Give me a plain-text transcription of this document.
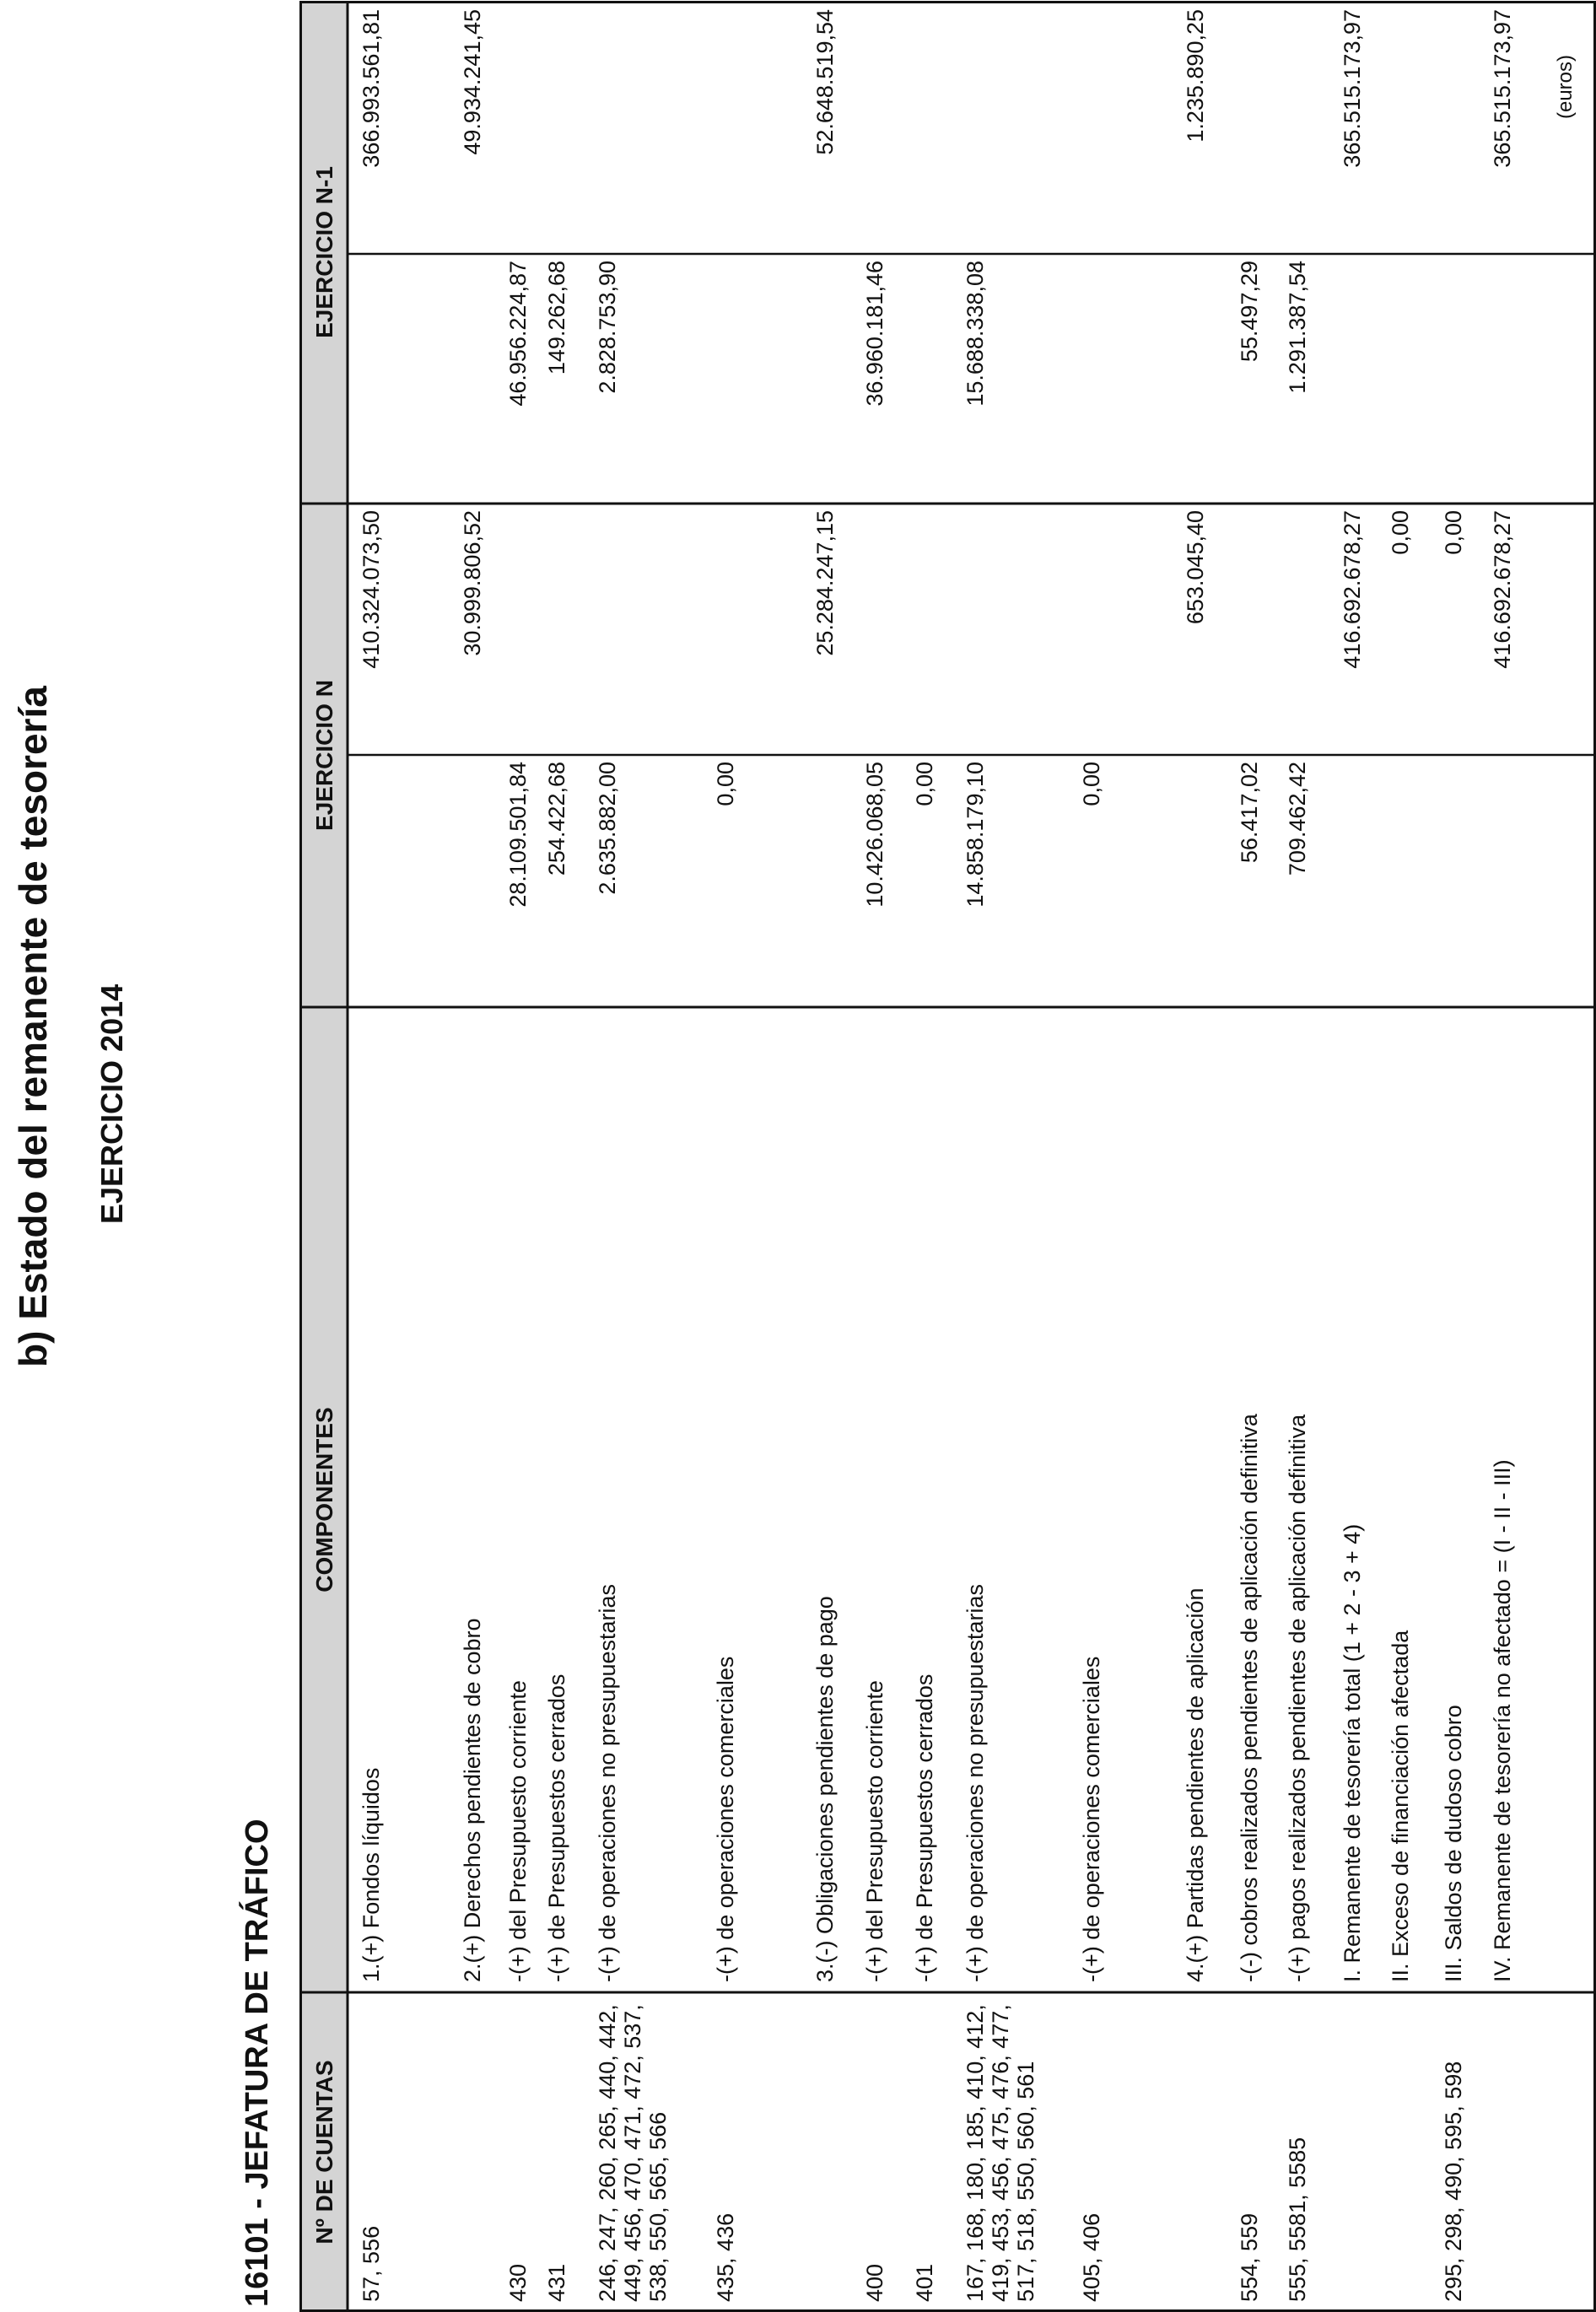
b) Estado del remanente de tesorería EJERCICIO 2014
16101 - JEFATURA DE TRÁFICO
(euros)
Nº DE CUENTAS
COMPONENTES
EJERCICIO N
EJERCICIO N-1
57, 556
1.(+) Fondos líquidos
410.324.073,50
366.993.561,81
2.(+) Derechos pendientes de cobro
30.999.806,52
49.934.241,45
430
-(+) del Presupuesto corriente
28.109.501,84
46.956.224,87
431
-(+) de Presupuestos cerrados
254.422,68
149.262,68
246, 247, 260, 265, 440, 442, 449, 456, 470, 471, 472, 537, 538, 550, 565, 566
-(+) de operaciones no presupuestarias
2.635.882,00
2.828.753,90
435, 436
-(+) de operaciones comerciales
0,00
3.(-) Obligaciones pendientes de pago
25.284.247,15
52.648.519,54
400
-(+) del Presupuesto corriente
10.426.068,05
36.960.181,46
401
-(+) de Presupuestos cerrados
0,00
167, 168, 180, 185, 410, 412, 419, 453, 456, 475, 476, 477, 517, 518, 550, 560, 561
-(+) de operaciones no presupuestarias
14.858.179,10
15.688.338,08
405, 406
-(+) de operaciones comerciales
0,00
4.(+) Partidas pendientes de aplicación
653.045,40
1.235.890,25
554, 559
-(-) cobros realizados pendientes de aplicación definitiva
56.417,02
55.497,29
555, 5581, 5585
-(+) pagos realizados pendientes de aplicación definitiva
709.462,42
1.291.387,54
I. Remanente de tesorería total (1 + 2 - 3 + 4)
416.692.678,27
365.515.173,97
II. Exceso de financiación afectada
0,00
295, 298, 490, 595, 598
III. Saldos de dudoso cobro
0,00
IV. Remanente de tesorería no afectado = (I - II - III)
416.692.678,27
365.515.173,97
